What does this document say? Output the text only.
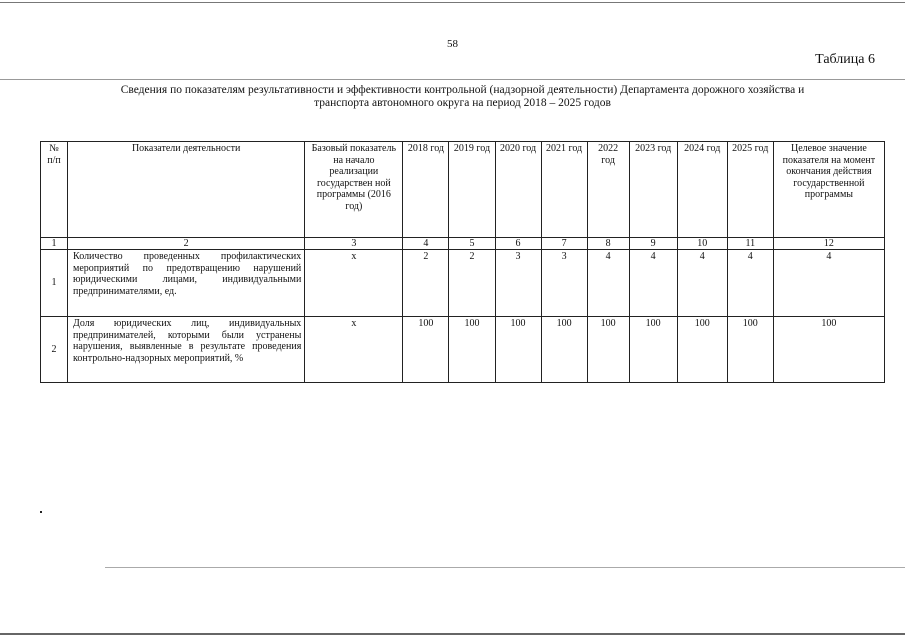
58
Таблица 6
Сведения по показателям результативности и эффективности контрольной (надзорной деятельности) Департамента дорожного хозяйства и
транспорта автономного округа на период 2018 – 2025 годов
№ п/п	Показатели деятельности	Базовый показатель на начало реализации государствен ной программы (2016 год)	2018 год	2019 год	2020 год	2021 год	2022 год	2023 год	2024 год	2025 год	Целевое значение показателя на момент окончания действия государственной программы
1	2	3	4	5	6	7	8	9	10	11	12
1	Количество проведенных профилактических мероприятий по предотвращению нарушений юридическими лицами, индивидуальными предпринимателями, ед.	х	2	2	3	3	4	4	4	4	4
2	Доля юридических лиц, индивидуальных предпринимателей, которыми были устранены нарушения, выявленные в результате проведения контрольно-надзорных мероприятий, %	х	100	100	100	100	100	100	100	100	100
